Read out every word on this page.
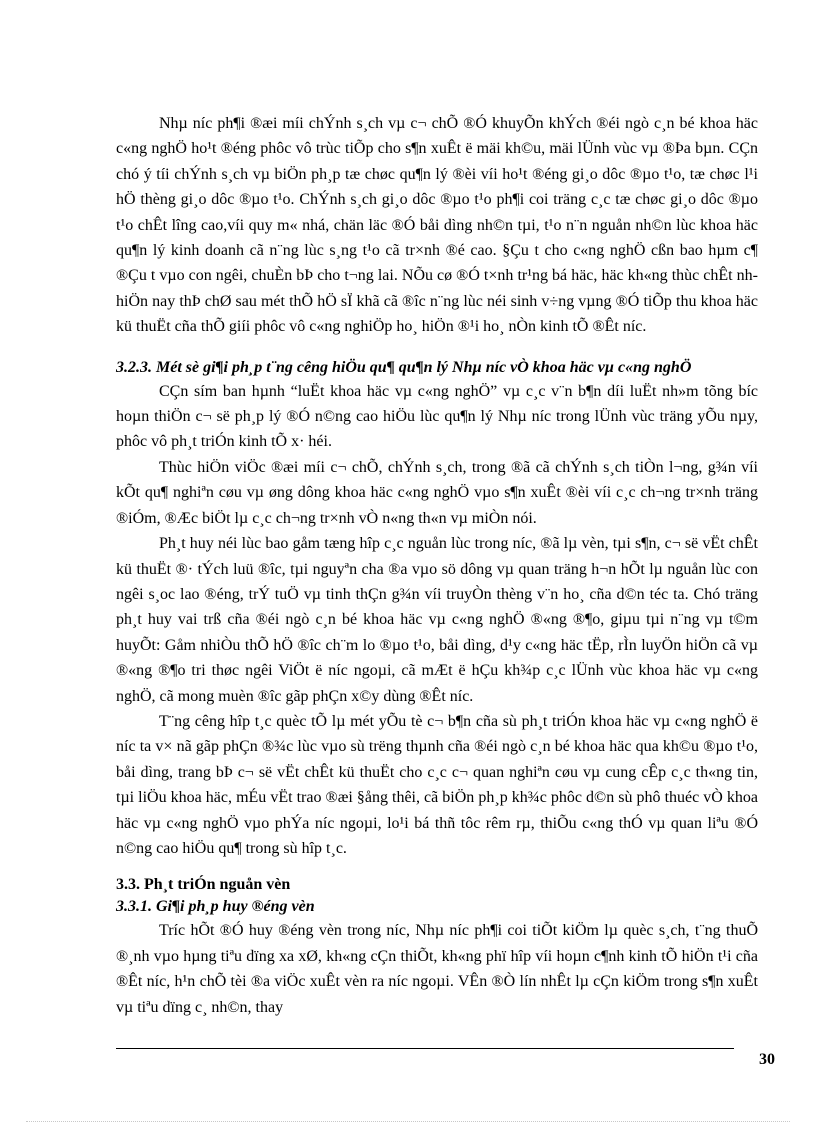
Nhµ níc ph¶i ®æi míi chÝnh s¸ch vµ c¬ chÕ ®Ó khuyÕn khÝch ®éi ngò c¸n bé khoa häc c«ng nghÖ ho¹t ®éng phôc vô trùc tiÕp cho s¶n xuÊt ë mäi kh©u, mäi lÜnh vùc vµ ®Þa bµn. CÇn chó ý tíi chÝnh s¸ch vµ biÖn ph¸p tæ chøc qu¶n lý ®èi víi ho¹t ®éng gi¸o dôc ®µo t¹o, tæ chøc l¹i hÖ thèng gi¸o dôc ®µo t¹o. ChÝnh s¸ch gi¸o dôc ®µo t¹o ph¶i coi träng c¸c tæ chøc gi¸o dôc ®µo t¹o chÊt lîng cao,víi quy m« nhá, chän läc ®Ó båi dìng nh©n tµi, t¹o n¨n nguån nh©n lùc khoa häc qu¶n lý kinh doanh cã n¨ng lùc s¸ng t¹o cã tr×nh ®é cao. §Çu t cho c«ng nghÖ cßn bao hµm c¶ ®Çu t vµo con ngêi, chuÈn bÞ cho t¬ng lai. NÕu cø ®Ó t×nh tr¹ng bá häc, häc kh«ng thùc chÊt nh hiÖn nay thÞ chØ sau mét thÕ hÖ sÏ khã cã ®îc n¨ng lùc néi sinh v÷ng vµng ®Ó tiÕp thu khoa häc kü thuËt cña thÕ giíi phôc vô c«ng nghiÖp ho¸ hiÖn ®¹i ho¸ nÒn kinh tÕ ®Êt níc.

3.2.3. Mét sè gi¶i ph¸p t¨ng cêng hiÖu qu¶ qu¶n lý Nhµ níc vÒ khoa häc vµ c«ng nghÖ

CÇn sím ban hµnh “luËt khoa häc vµ c«ng nghÖ” vµ c¸c v¨n b¶n díi luËt nh»m tõng bíc hoµn thiÖn c¬ së ph¸p lý ®Ó n©ng cao hiÖu lùc qu¶n lý Nhµ níc trong lÜnh vùc träng yÕu nµy, phôc vô ph¸t triÓn kinh tÕ x· héi.

Thùc hiÖn viÖc ®æi míi c¬ chÕ, chÝnh s¸ch, trong ®ã cã chÝnh s¸ch tiÒn l¬ng, g¾n víi kÕt qu¶ nghiªn cøu vµ øng dông khoa häc c«ng nghÖ vµo s¶n xuÊt ®èi víi c¸c ch¬ng tr×nh träng ®iÓm, ®Æc biÖt lµ c¸c ch¬ng tr×nh vÒ n«ng th«n vµ miÒn nói.

Ph¸t huy néi lùc bao gåm tæng hîp c¸c nguån lùc trong níc, ®ã lµ vèn, tµi s¶n, c¬ së vËt chÊt kü thuËt ®· tÝch luü ®îc, tµi nguyªn cha ®a vµo sö dông vµ quan träng h¬n hÕt lµ nguån lùc con ngêi s¸oc lao ®éng, trÝ tuÖ vµ tinh thÇn g¾n víi truyÒn thèng v¨n ho¸ cña d©n téc ta. Chó träng ph¸t huy vai trß cña ®éi ngò c¸n bé khoa häc vµ c«ng nghÖ ®«ng ®¶o, giµu tµi n¨ng vµ t©m huyÕt: Gåm nhiÒu thÕ hÖ ®îc ch¨m lo ®µo t¹o, båi dìng, d¹y c«ng häc tËp, rÌn luyÖn hiÖn cã vµ ®«ng ®¶o tri thøc ngêi ViÖt ë níc ngoµi, cã mÆt ë hÇu kh¾p c¸c lÜnh vùc khoa häc vµ c«ng nghÖ, cã mong muèn ®îc gãp phÇn x©y dùng ®Êt níc.

T¨ng cêng hîp t¸c quèc tÕ lµ mét yÕu tè c¬ b¶n cña sù ph¸t triÓn khoa häc vµ c«ng nghÖ ë níc ta v× nã gãp phÇn ®¾c lùc vµo sù trëng thµnh cña ®éi ngò c¸n bé khoa häc qua kh©u ®µo t¹o, båi dìng, trang bÞ c¬ së vËt chÊt kü thuËt cho c¸c c¬ quan nghiªn cøu vµ cung cÊp c¸c th«ng tin, tµi liÖu khoa häc, mÉu vËt trao ®æi §ång thêi, cã biÖn ph¸p kh¾c phôc d©n sù phô thuéc vÒ khoa häc vµ c«ng nghÖ vµo phÝa níc ngoµi, lo¹i bá thñ tôc rêm rµ, thiÕu c«ng thÓ vµ quan liªu ®Ó n©ng cao hiÖu qu¶ trong sù hîp t¸c.

3.3. Ph¸t triÓn nguån vèn
3.3.1. Gi¶i ph¸p huy ®éng vèn

Tríc hÕt ®Ó huy ®éng vèn trong níc, Nhµ níc ph¶i coi tiÕt kiÖm lµ quèc s¸ch, t¨ng thuÕ ®¸nh vµo hµng tiªu dïng xa xØ, kh«ng cÇn thiÕt, kh«ng phï hîp víi hoµn c¶nh kinh tÕ hiÖn t¹i cña ®Êt níc, h¹n chÕ tèi ®a viÖc xuÊt vèn ra níc ngoµi. VÊn ®Ò lín nhÊt lµ cÇn kiÖm trong s¶n xuÊt vµ tiªu dïng c¸ nh©n, thay

30
